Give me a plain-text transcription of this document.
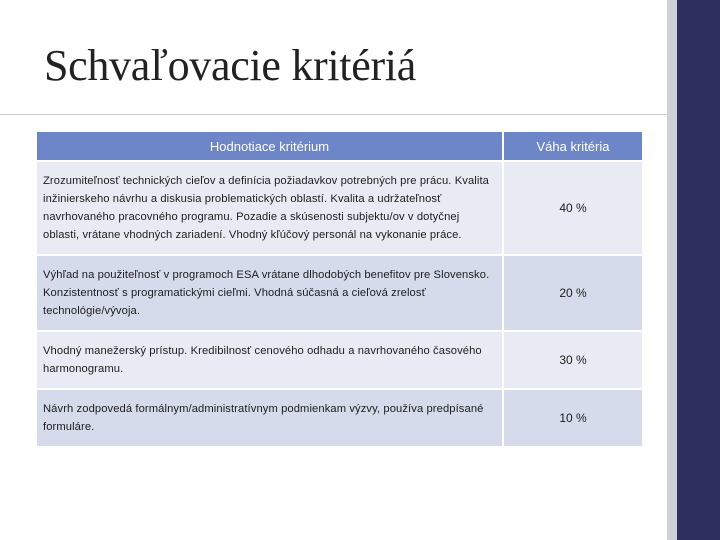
Schvaľovacie kritériá
Hodnotiace kritérium	Váha kritéria
Zrozumiteľnosť technických cieľov a definícia požiadavkov potrebných pre prácu. Kvalita inžinierskeho návrhu a diskusia problematických oblastí. Kvalita a udržateľnosť navrhovaného pracovného programu. Pozadie a skúsenosti subjektu/ov v dotyčnej oblasti, vrátane vhodných zariadení. Vhodný kľúčový personál na vykonanie práce.	40 %
Výhľad na použiteľnosť v programoch ESA vrátane dlhodobých benefitov pre Slovensko. Konzistentnosť s programatickými cieľmi. Vhodná súčasná a cieľová zrelosť technológie/vývoja.	20 %
Vhodný manežerský prístup. Kredibilnosť cenového odhadu a navrhovaného časového harmonogramu.	30 %
Návrh zodpovedá formálnym/administratívnym podmienkam výzvy, používa predpísané formuláre.	10 %
